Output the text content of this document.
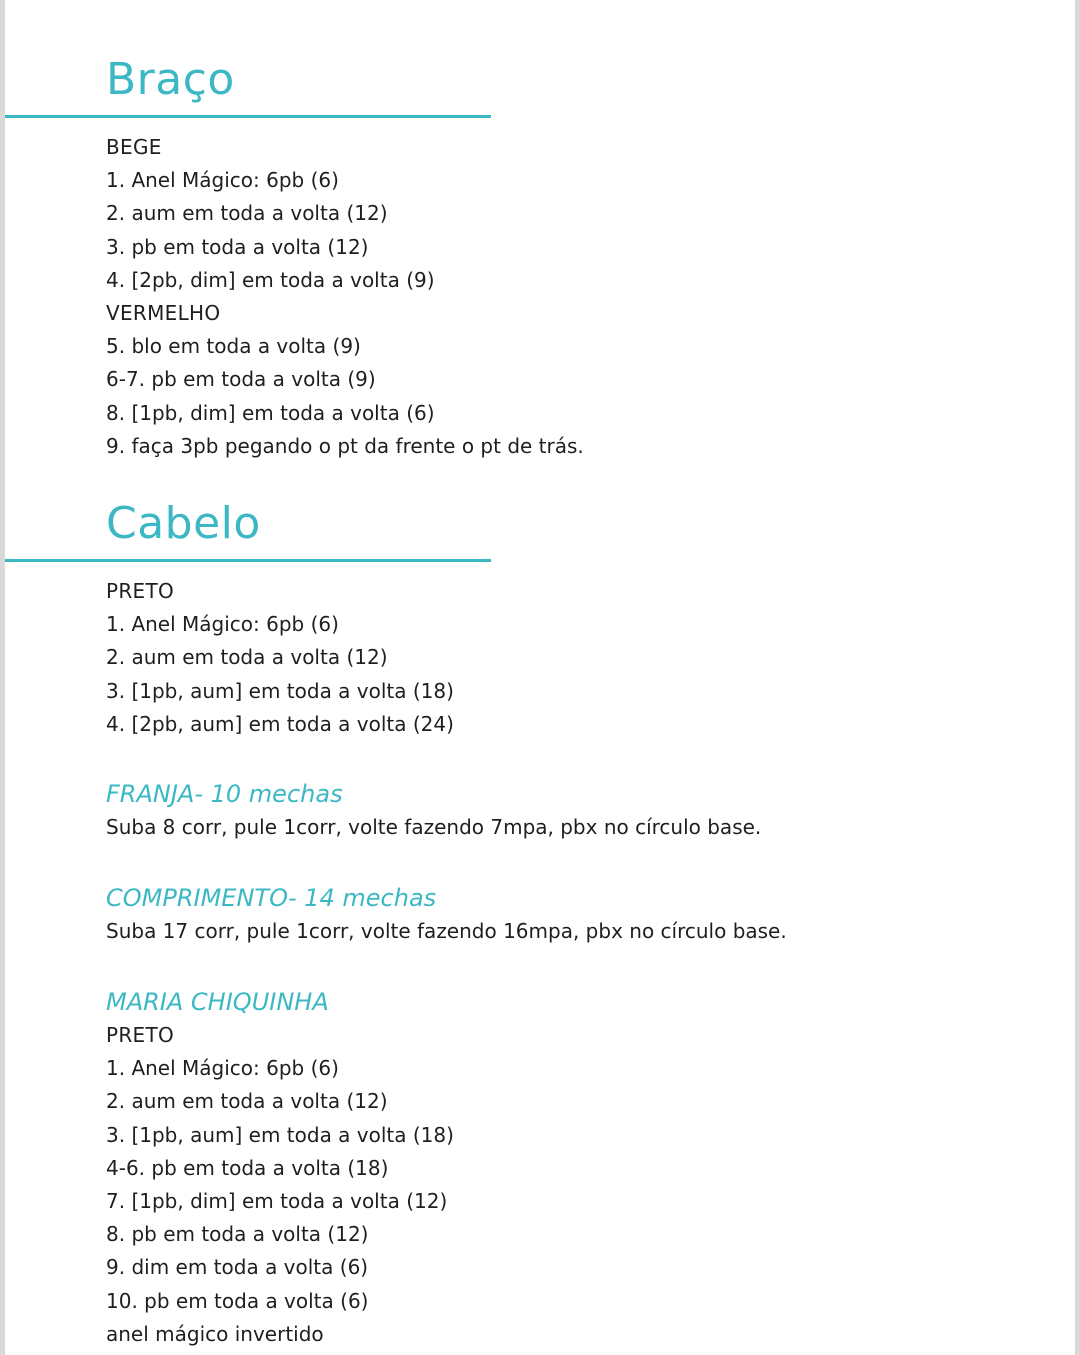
Braço
BEGE
1. Anel Mágico: 6pb (6)
2. aum em toda a volta (12)
3. pb em toda a volta (12)
4. [2pb, dim] em toda a volta (9)
VERMELHO
5. blo em toda a volta (9)
6-7. pb em toda a volta (9)
8. [1pb, dim] em toda a volta (6)
9. faça 3pb pegando o pt da frente o pt de trás.
Cabelo
PRETO
1. Anel Mágico: 6pb (6)
2. aum em toda a volta (12)
3. [1pb, aum] em toda a volta (18)
4. [2pb, aum] em toda a volta (24)
FRANJA- 10 mechas
Suba 8 corr, pule 1corr, volte fazendo 7mpa, pbx no círculo base.
COMPRIMENTO- 14 mechas
Suba 17 corr, pule 1corr, volte fazendo 16mpa, pbx no círculo base.
MARIA CHIQUINHA
PRETO
1. Anel Mágico: 6pb (6)
2. aum em toda a volta (12)
3. [1pb, aum] em toda a volta (18)
4-6. pb em toda a volta (18)
7. [1pb, dim] em toda a volta (12)
8. pb em toda a volta (12)
9. dim em toda a volta (6)
10. pb em toda a volta (6)
anel mágico invertido
